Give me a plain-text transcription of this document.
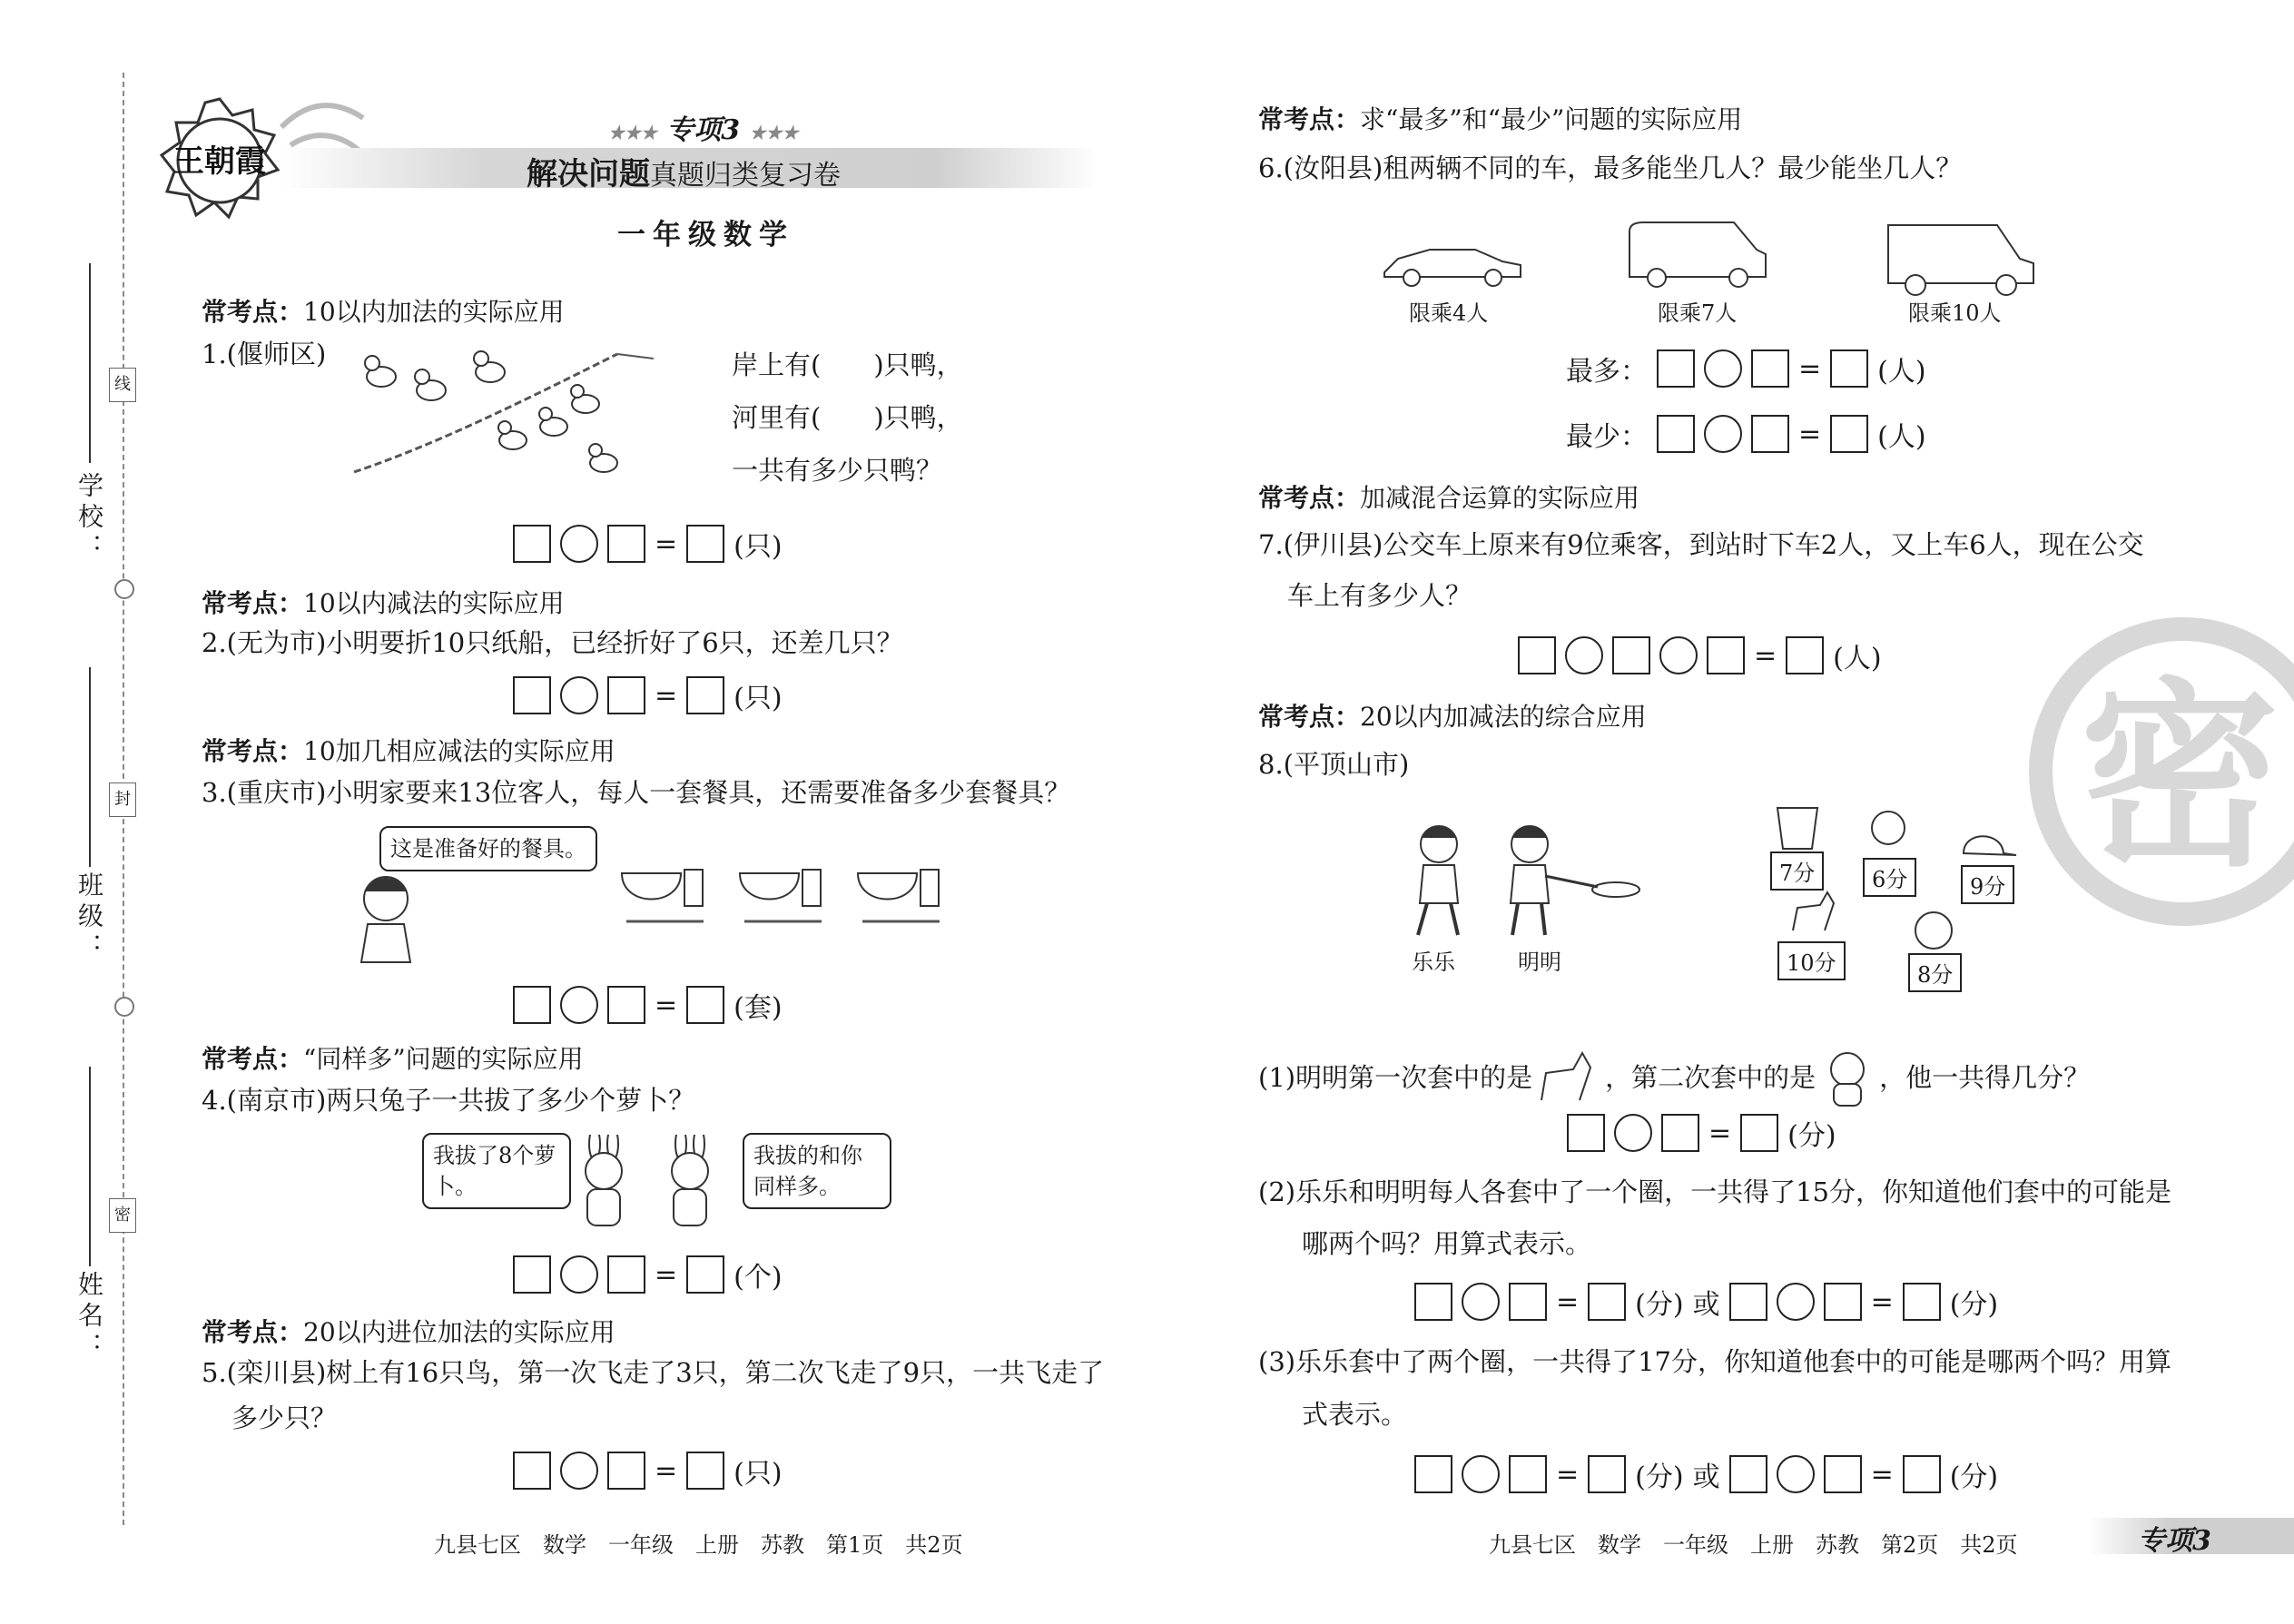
线
封
密
学校：
班级：
姓名：
王朝霞
★★★ 专项3 ★★★
解决问题真题归类复习卷
一年级数学
常考点：10以内加法的实际应用
1.(偃师区)	岸上有(　　)只鸭，
河里有(　　)只鸭，
一共有多少只鸭？
= (只)
常考点：10以内减法的实际应用
2.(无为市)小明要折10只纸船，已经折好了6只，还差几只？
= (只)
常考点：10加几相应减法的实际应用
3.(重庆市)小明家要来13位客人，每人一套餐具，还需要准备多少套餐具？
这是准备好的餐具。
= (套)
常考点：“同样多”问题的实际应用
4.(南京市)两只兔子一共拔了多少个萝卜？
我拔了8个萝卜。
我拔的和你同样多。
= (个)
常考点：20以内进位加法的实际应用
5.(栾川县)树上有16只鸟，第一次飞走了3只，第二次飞走了9只，一共飞走了
多少只？
= (只)
九县七区　数学　一年级　上册　苏教　第1页　共2页
常考点：求“最多”和“最少”问题的实际应用
6.(汝阳县)租两辆不同的车，最多能坐几人？最少能坐几人？
限乘4人	限乘7人	限乘10人
最多：	= (人)
最少：	= (人)
常考点：加减混合运算的实际应用
7.(伊川县)公交车上原来有9位乘客，到站时下车2人，又上车6人，现在公交
车上有多少人？
= (人)
常考点：20以内加减法的综合应用
8.(平顶山市)	密
乐乐	明明
7分	6分	9分
10分	8分
(1)明明第一次套中的是	，第二次套中的是 ，他一共得几分？
= (分)
(2)乐乐和明明每人各套中了一个圈，一共得了15分，你知道他们套中的可能是
哪两个吗？用算式表示。
= (分) 或	= (分)
(3)乐乐套中了两个圈，一共得了17分，你知道他套中的可能是哪两个吗？用算
式表示。
= (分) 或	= (分)
九县七区　数学　一年级　上册　苏教　第2页　共2页	专项3
